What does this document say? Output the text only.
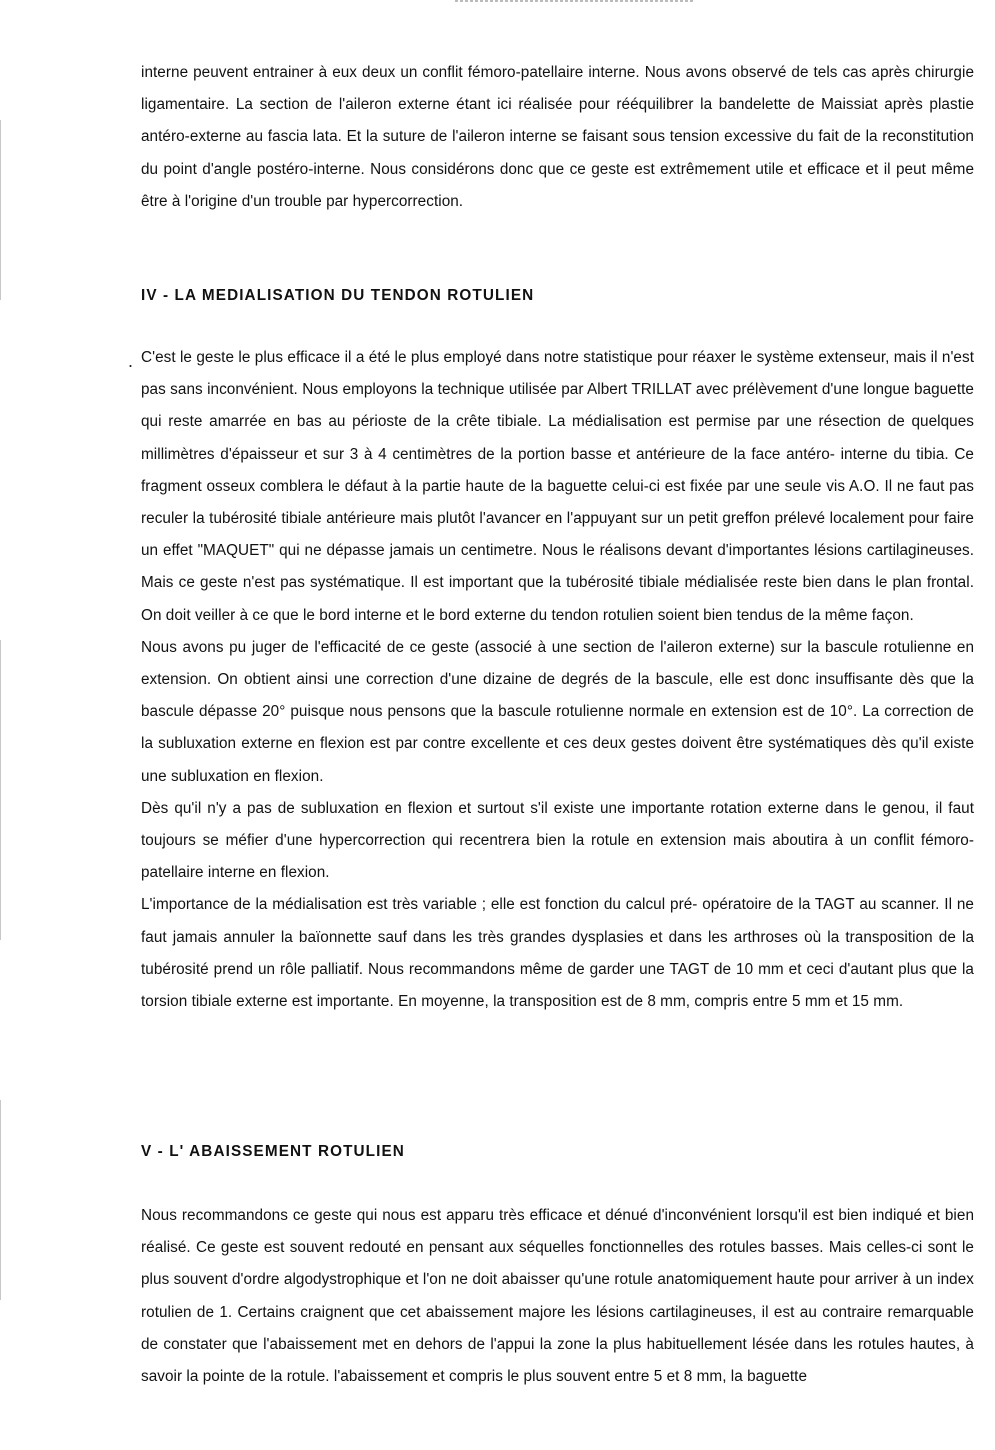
.

interne peuvent entrainer à eux deux un conflit fémoro-patellaire interne. Nous avons observé de tels cas après chirurgie ligamentaire. La section de l'aileron externe étant ici réalisée pour rééquilibrer la bandelette de Maissiat après plastie antéro-externe au fascia lata. Et la suture de l'aileron interne se faisant sous tension excessive du fait de la reconstitution du point d'angle postéro-interne. Nous considérons donc que ce geste est extrêmement utile et efficace et il peut même être à l'origine d'un trouble par hypercorrection.

IV - LA MEDIALISATION DU TENDON ROTULIEN

C'est le geste le plus efficace il a été le plus employé dans notre statistique pour réaxer le système extenseur, mais il n'est pas sans inconvénient. Nous employons la technique utilisée par Albert TRILLAT avec prélèvement d'une longue baguette qui reste amarrée en bas au périoste de la crête tibiale. La médialisation est permise par une résection de quelques millimètres d'épaisseur et sur 3 à 4 centimètres de la portion basse et antérieure de la face antéro- interne du tibia. Ce fragment osseux comblera le défaut à la partie haute de la baguette celui-ci est fixée par une seule vis A.O. Il ne faut pas reculer la tubérosité tibiale antérieure mais plutôt l'avancer en l'appuyant sur un petit greffon prélevé localement pour faire un effet "MAQUET" qui ne dépasse jamais un centimetre. Nous le réalisons devant d'importantes lésions cartilagineuses. Mais ce geste n'est pas systématique. Il est important que la tubérosité tibiale médialisée reste bien dans le plan frontal. On doit veiller à ce que le bord interne et le bord externe du tendon rotulien soient bien tendus de la même façon.

Nous avons pu juger de l'efficacité de ce geste (associé à une section de l'aileron externe) sur la bascule rotulienne en extension. On obtient ainsi une correction d'une dizaine de degrés de la bascule, elle est donc insuffisante dès que la bascule dépasse 20° puisque nous pensons que la bascule rotulienne normale en extension est de 10°. La correction de la subluxation externe en flexion est par contre excellente et ces deux gestes doivent être systématiques dès qu'il existe une subluxation en flexion.

Dès qu'il n'y a pas de subluxation en flexion et surtout s'il existe une importante rotation externe dans le genou, il faut toujours se méfier d'une hypercorrection qui recentrera bien la rotule en extension mais aboutira à un conflit fémoro-patellaire interne en flexion.

L'importance de la médialisation est très variable ; elle est fonction du calcul pré- opératoire de la TAGT au scanner. Il ne faut jamais annuler la baïonnette sauf dans les très grandes dysplasies et dans les arthroses où la transposition de la tubérosité prend un rôle palliatif. Nous recommandons même de garder une TAGT de 10 mm et ceci d'autant plus que la torsion tibiale externe est importante. En moyenne, la transposition est de 8 mm, compris entre 5 mm et 15 mm.

V - L' ABAISSEMENT ROTULIEN

Nous recommandons ce geste qui nous est apparu très efficace et dénué d'inconvénient lorsqu'il est bien indiqué et bien réalisé. Ce geste est souvent redouté en pensant aux séquelles fonctionnelles des rotules basses. Mais celles-ci sont le plus souvent d'ordre algodystrophique et l'on ne doit abaisser qu'une rotule anatomiquement haute pour arriver à un index rotulien de 1. Certains craignent que cet abaissement majore les lésions cartilagineuses, il est au contraire remarquable de constater que l'abaissement met en dehors de l'appui la zone la plus habituellement lésée dans les rotules hautes, à savoir la pointe de la rotule. l'abaissement et compris le plus souvent entre 5 et 8 mm, la baguette
